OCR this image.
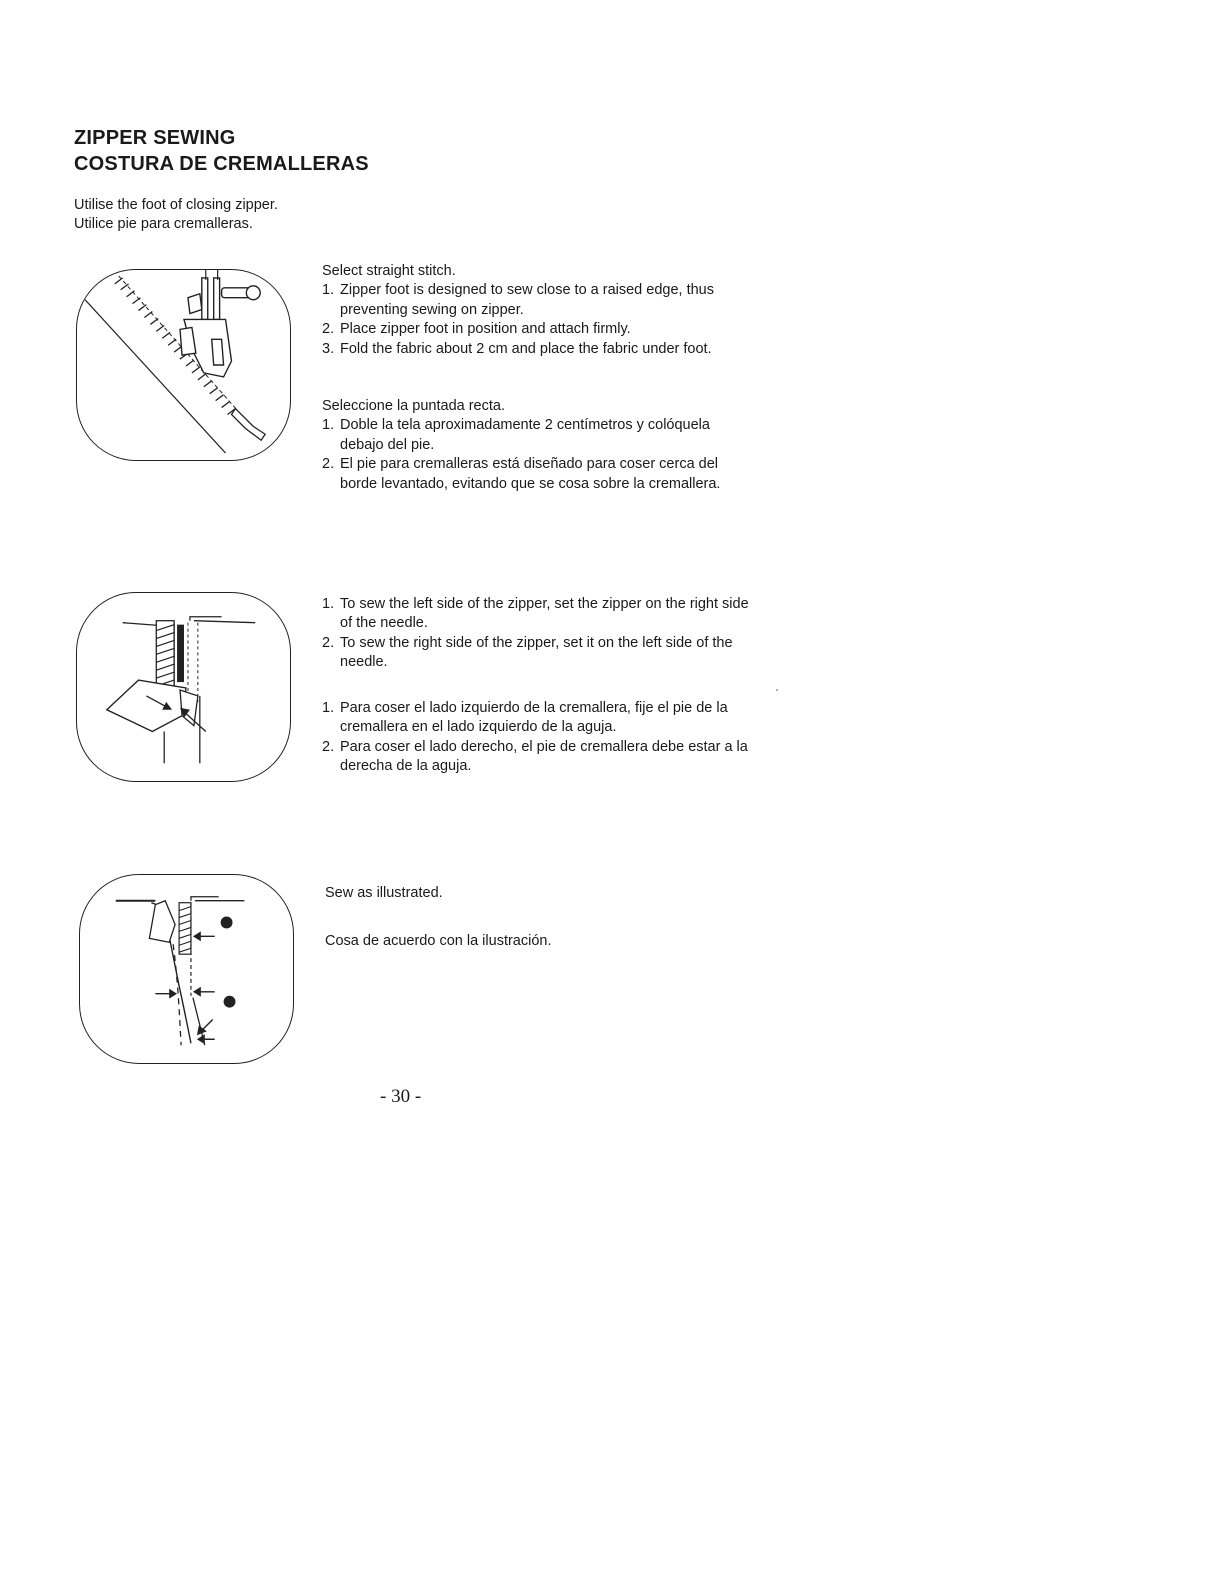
ZIPPER SEWING
COSTURA DE CREMALLERAS

Utilise the foot of closing zipper.

Utilice pie para cremalleras.

Select straight stitch.

1. Zipper foot is designed to sew close to a raised edge, thus preventing sewing on zipper.
2. Place zipper foot in position and attach firmly.
3. Fold the fabric about 2 cm and place the fabric under foot.

Seleccione la puntada recta.

1. Doble la tela aproximadamente 2 centímetros y colóquela debajo del pie.
2. El pie para cremalleras está diseñado para coser cerca del borde levantado, evitando que se cosa sobre la cremallera.
1. To sew the left side of the zipper, set the zipper on the right side of the needle.
2. To sew the right side of the zipper, set it on the left side of the needle.
1. Para coser el lado izquierdo de la cremallera, fije el pie de la cremallera en el lado izquierdo de la aguja.
2. Para coser el lado derecho, el pie de cremallera debe estar a la derecha de la aguja.

Sew as illustrated.

Cosa de acuerdo con la ilustración.

- 30 -
